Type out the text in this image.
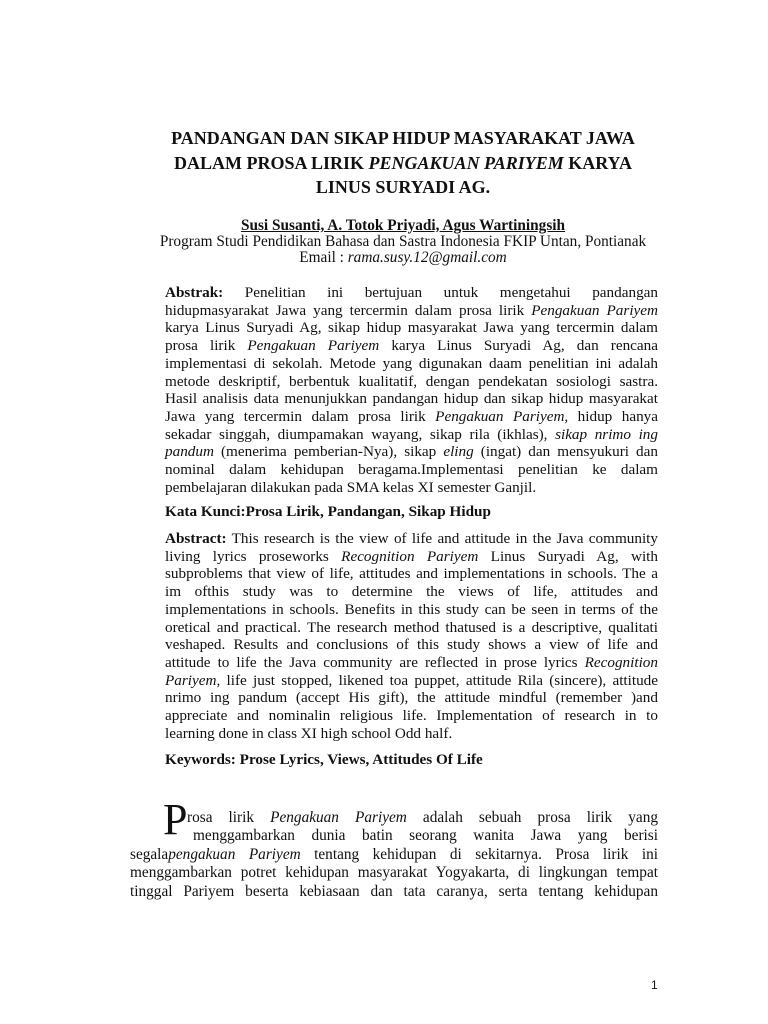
PANDANGAN DAN SIKAP HIDUP MASYARAKAT JAWA
DALAM PROSA LIRIK PENGAKUAN PARIYEM KARYA
LINUS SURYADI AG.
Susi Susanti, A. Totok Priyadi, Agus Wartiningsih
Program Studi Pendidikan Bahasa dan Sastra Indonesia FKIP Untan, Pontianak
Email : rama.susy.12@gmail.com
Abstrak: Penelitian ini bertujuan untuk mengetahui pandangan
hidupmasyarakat Jawa yang tercermin dalam prosa lirik Pengakuan Pariyem
karya Linus Suryadi Ag, sikap hidup masyarakat Jawa yang tercermin dalam
prosa lirik Pengakuan Pariyem karya Linus Suryadi Ag, dan rencana
implementasi di sekolah. Metode yang digunakan daam penelitian ini adalah
metode deskriptif, berbentuk kualitatif, dengan pendekatan sosiologi sastra.
Hasil analisis data menunjukkan pandangan hidup dan sikap hidup masyarakat
Jawa yang tercermin dalam prosa lirik Pengakuan Pariyem, hidup hanya
sekadar singgah, diumpamakan wayang, sikap rila (ikhlas), sikap nrimo ing
pandum (menerima pemberian-Nya), sikap eling (ingat) dan mensyukuri dan
nominal dalam kehidupan beragama.Implementasi penelitian ke dalam
pembelajaran dilakukan pada SMA kelas XI semester Ganjil.
Kata Kunci:Prosa Lirik, Pandangan, Sikap Hidup
Abstract: This research is the view of life and attitude in the Java community
living lyrics proseworks Recognition Pariyem Linus Suryadi Ag, with
subproblems that view of life, attitudes and implementations in schools. The a
im ofthis study was to determine the views of life, attitudes and
implementations in schools. Benefits in this study can be seen in terms of the
oretical and practical. The research method thatused is a descriptive, qualitati
veshaped. Results and conclusions of this study shows a view of life and
attitude to life the Java community are reflected in prose lyrics Recognition
Pariyem, life just stopped, likened toa puppet, attitude Rila (sincere), attitude
nrimo ing pandum (accept His gift), the attitude mindful (remember )and
appreciate and nominalin religious life. Implementation of research in to
learning done in class XI high school Odd half.
Keywords: Prose Lyrics, Views, Attitudes Of Life
P rosa lirik Pengakuan Pariyem adalah sebuah prosa lirik yang
menggambarkan dunia batin seorang wanita Jawa yang berisi
segalapengakuan Pariyem tentang kehidupan di sekitarnya. Prosa lirik ini
menggambarkan potret kehidupan masyarakat Yogyakarta, di lingkungan tempat
tinggal Pariyem beserta kebiasaan dan tata caranya, serta tentang kehidupan
1
